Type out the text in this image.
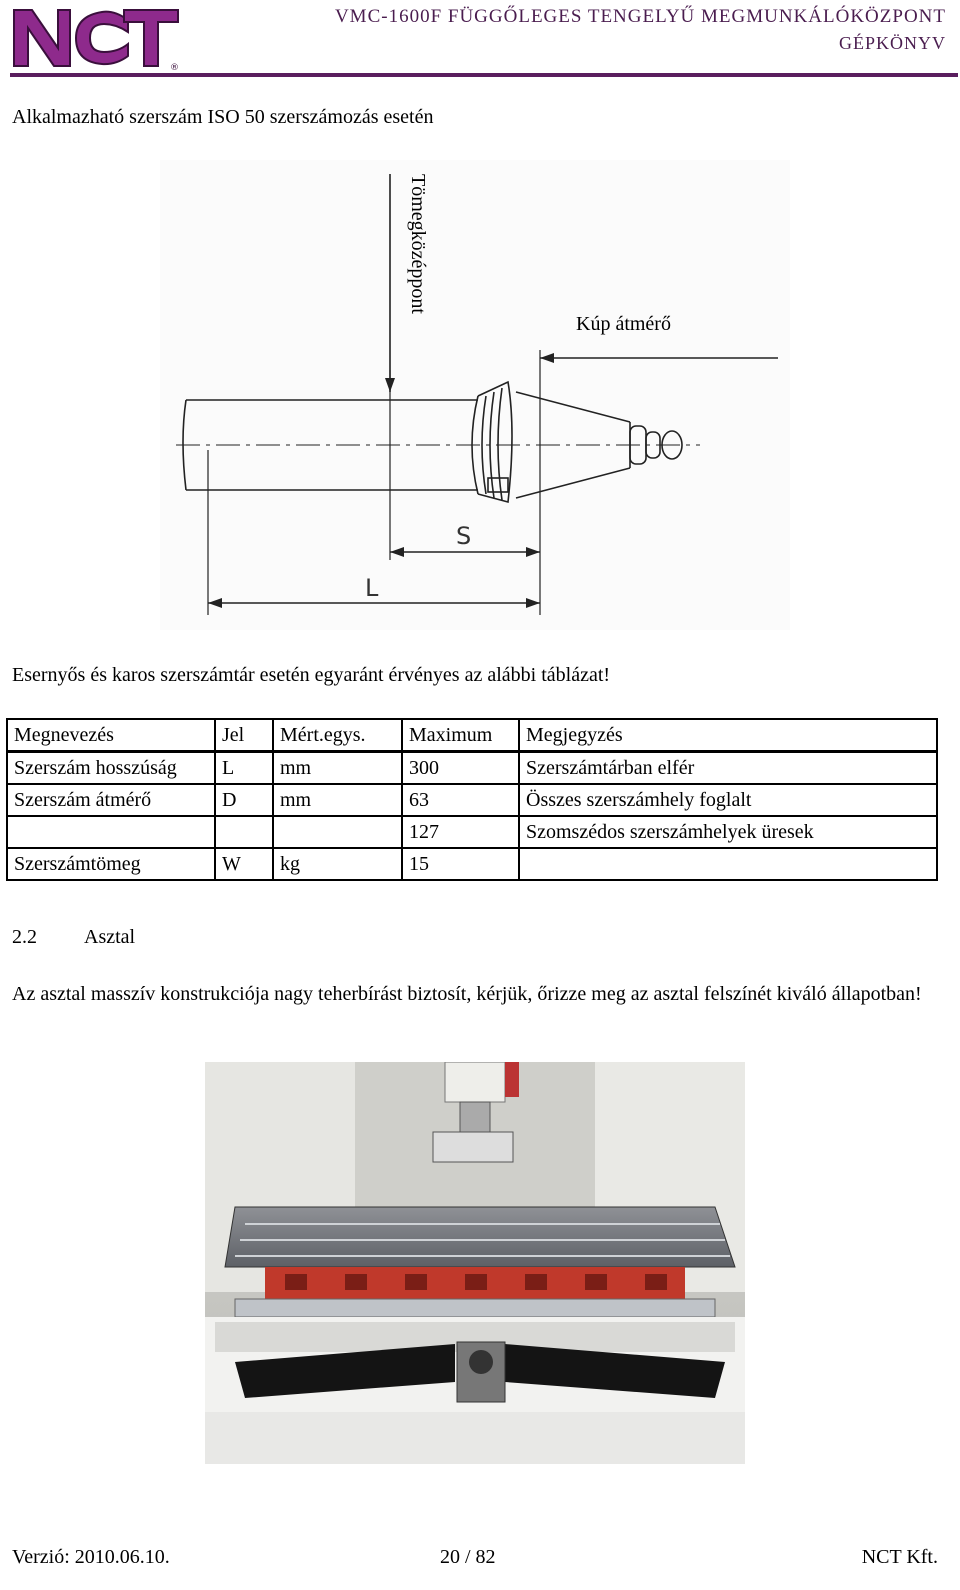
®
VMC-1600F FÜGGŐLEGES TENGELYŰ MEGMUNKÁLÓKÖZPONT
GÉPKÖNYV
Alkalmazható szerszám ISO 50 szerszámozás esetén
S
L
Kúp átmérő
Tömegközéppont
Esernyős és karos szerszámtár esetén egyaránt érvényes az alábbi táblázat!
Megnevezés	Jel	Mért.egys.	Maximum	Megjegyzés
Szerszám hosszúság	L	mm	300	Szerszámtárban elfér
Szerszám átmérő	D	mm	63	Összes szerszámhely foglalt
			127	Szomszédos szerszámhelyek üresek
Szerszámtömeg	W	kg	15	
2.2 Asztal
Az asztal masszív konstrukciója nagy teherbírást biztosít, kérjük, őrizze meg az asztal felszínét kiváló állapotban!
Verzió: 2010.06.10.	20 / 82	NCT Kft.
